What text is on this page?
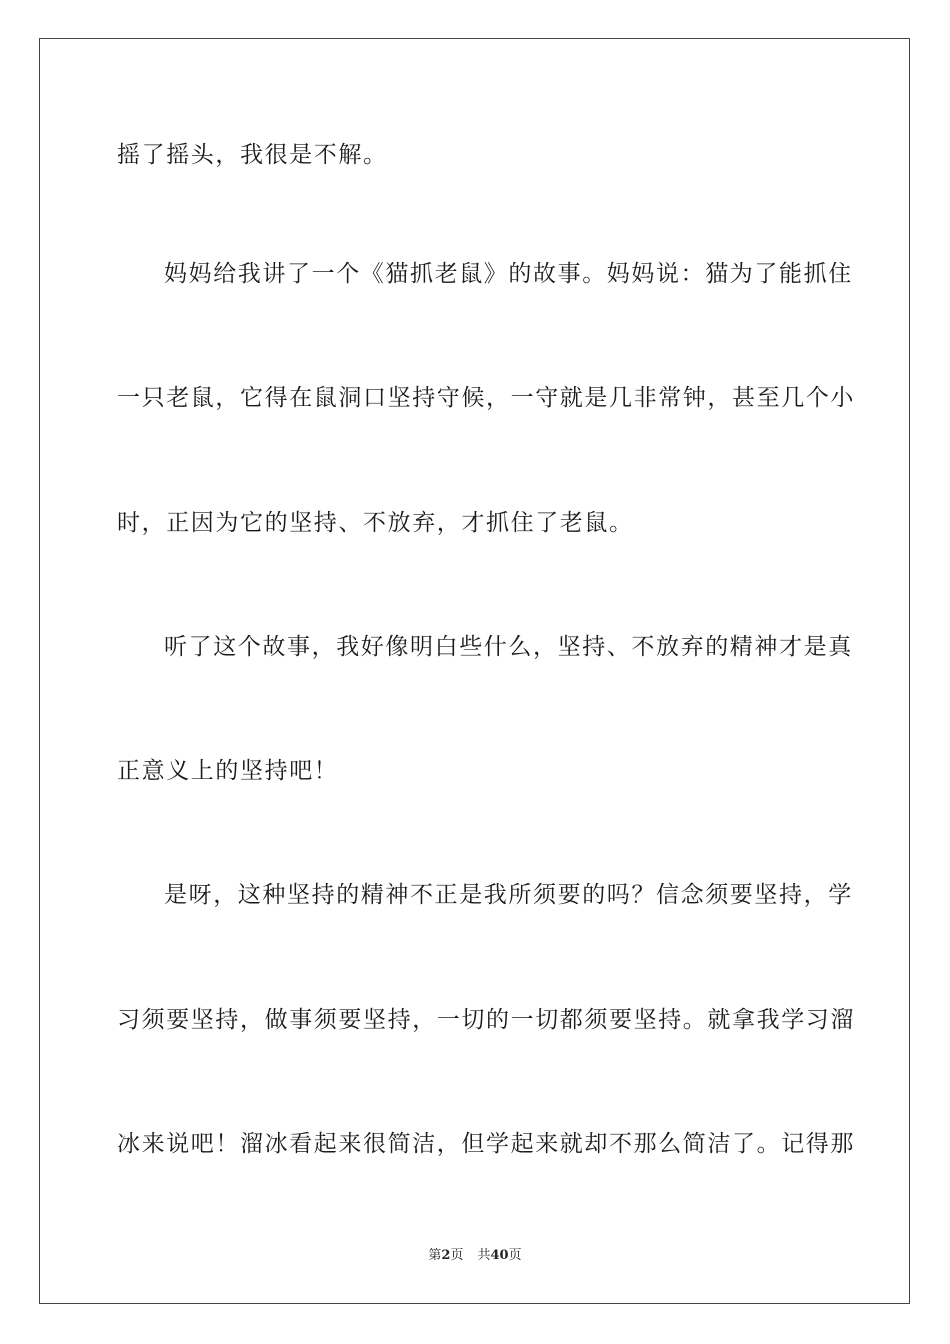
摇了摇头，我很是不解。
妈妈给我讲了一个《猫抓老鼠》的故事。妈妈说：猫为了能抓住
一只老鼠，它得在鼠洞口坚持守候，一守就是几非常钟，甚至几个小
时，正因为它的坚持、不放弃，才抓住了老鼠。
听了这个故事，我好像明白些什么，坚持、不放弃的精神才是真
正意义上的坚持吧！
是呀，这种坚持的精神不正是我所须要的吗？信念须要坚持，学
习须要坚持，做事须要坚持，一切的一切都须要坚持。就拿我学习溜
冰来说吧！溜冰看起来很简洁，但学起来就却不那么简洁了。记得那
第2页 共40页
